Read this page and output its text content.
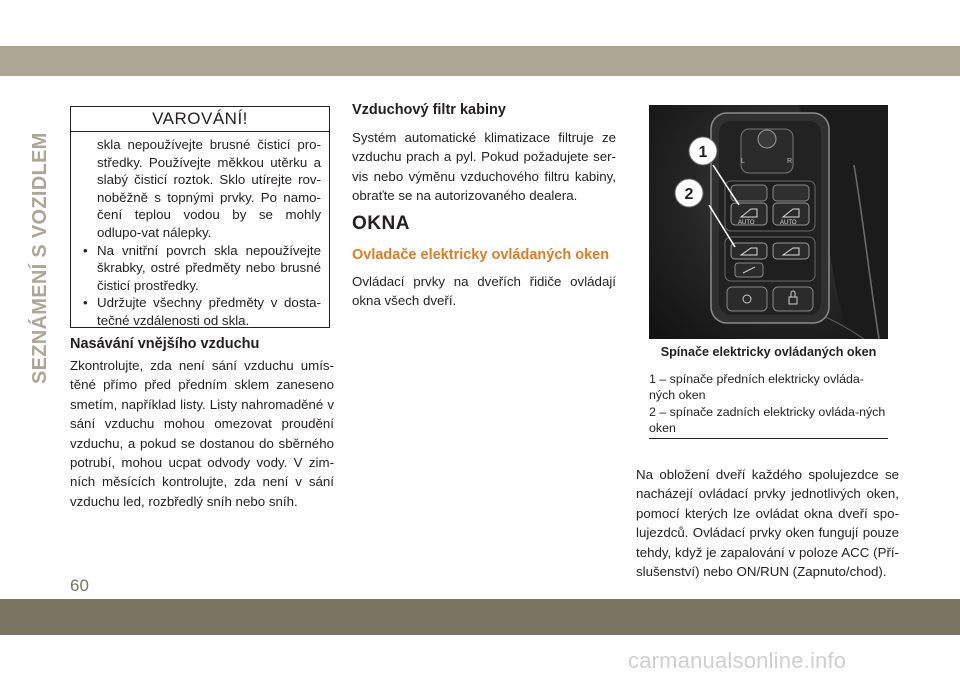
SEZNÁMENÍ S VOZIDLEM
VAROVÁNÍ!
skla nepoužívejte brusné čisticí pro-středky. Používejte měkkou utěrku a slabý čisticí roztok. Sklo utírejte rov-noběžně s topnými prvky. Po namo-čení teplou vodou by se mohly odlupo-vat nálepky.
• Na vnitřní povrch skla nepoužívejte škrabky, ostré předměty nebo brusné čisticí prostředky.
• Udržujte všechny předměty v dosta-tečné vzdálenosti od skla.
Nasávání vnějšího vzduchu
Zkontrolujte, zda není sání vzduchu umís-těné přímo před předním sklem zaneseno smetím, například listy. Listy nahromaděné v sání vzduchu mohou omezovat proudění vzduchu, a pokud se dostanou do sběrného potrubí, mohou ucpat odvody vody. V zim-ních měsících kontrolujte, zda není v sání vzduchu led, rozbředlý sníh nebo sníh.
Vzduchový filtr kabiny
Systém automatické klimatizace filtruje ze vzduchu prach a pyl. Pokud požadujete ser-vis nebo výměnu vzduchového filtru kabiny, obraťte se na autorizovaného dealera.
OKNA
Ovladače elektricky ovládaných oken
Ovládací prvky na dveřích řidiče ovládají okna všech dveří.
L	R
AUTO	AUTO
1
2
Spínače elektricky ovládaných oken
1 – spínače předních elektricky ovláda-ných oken
2 – spínače zadních elektricky ovláda-ných oken
Na obložení dveří každého spolujezdce se nacházejí ovládací prvky jednotlivých oken, pomocí kterých lze ovládat okna dveří spo-lujezdců. Ovládací prvky oken fungují pouze tehdy, když je zapalování v poloze ACC (Pří-slušenství) nebo ON/RUN (Zapnuto/chod).
60
carmanualsonline.info
